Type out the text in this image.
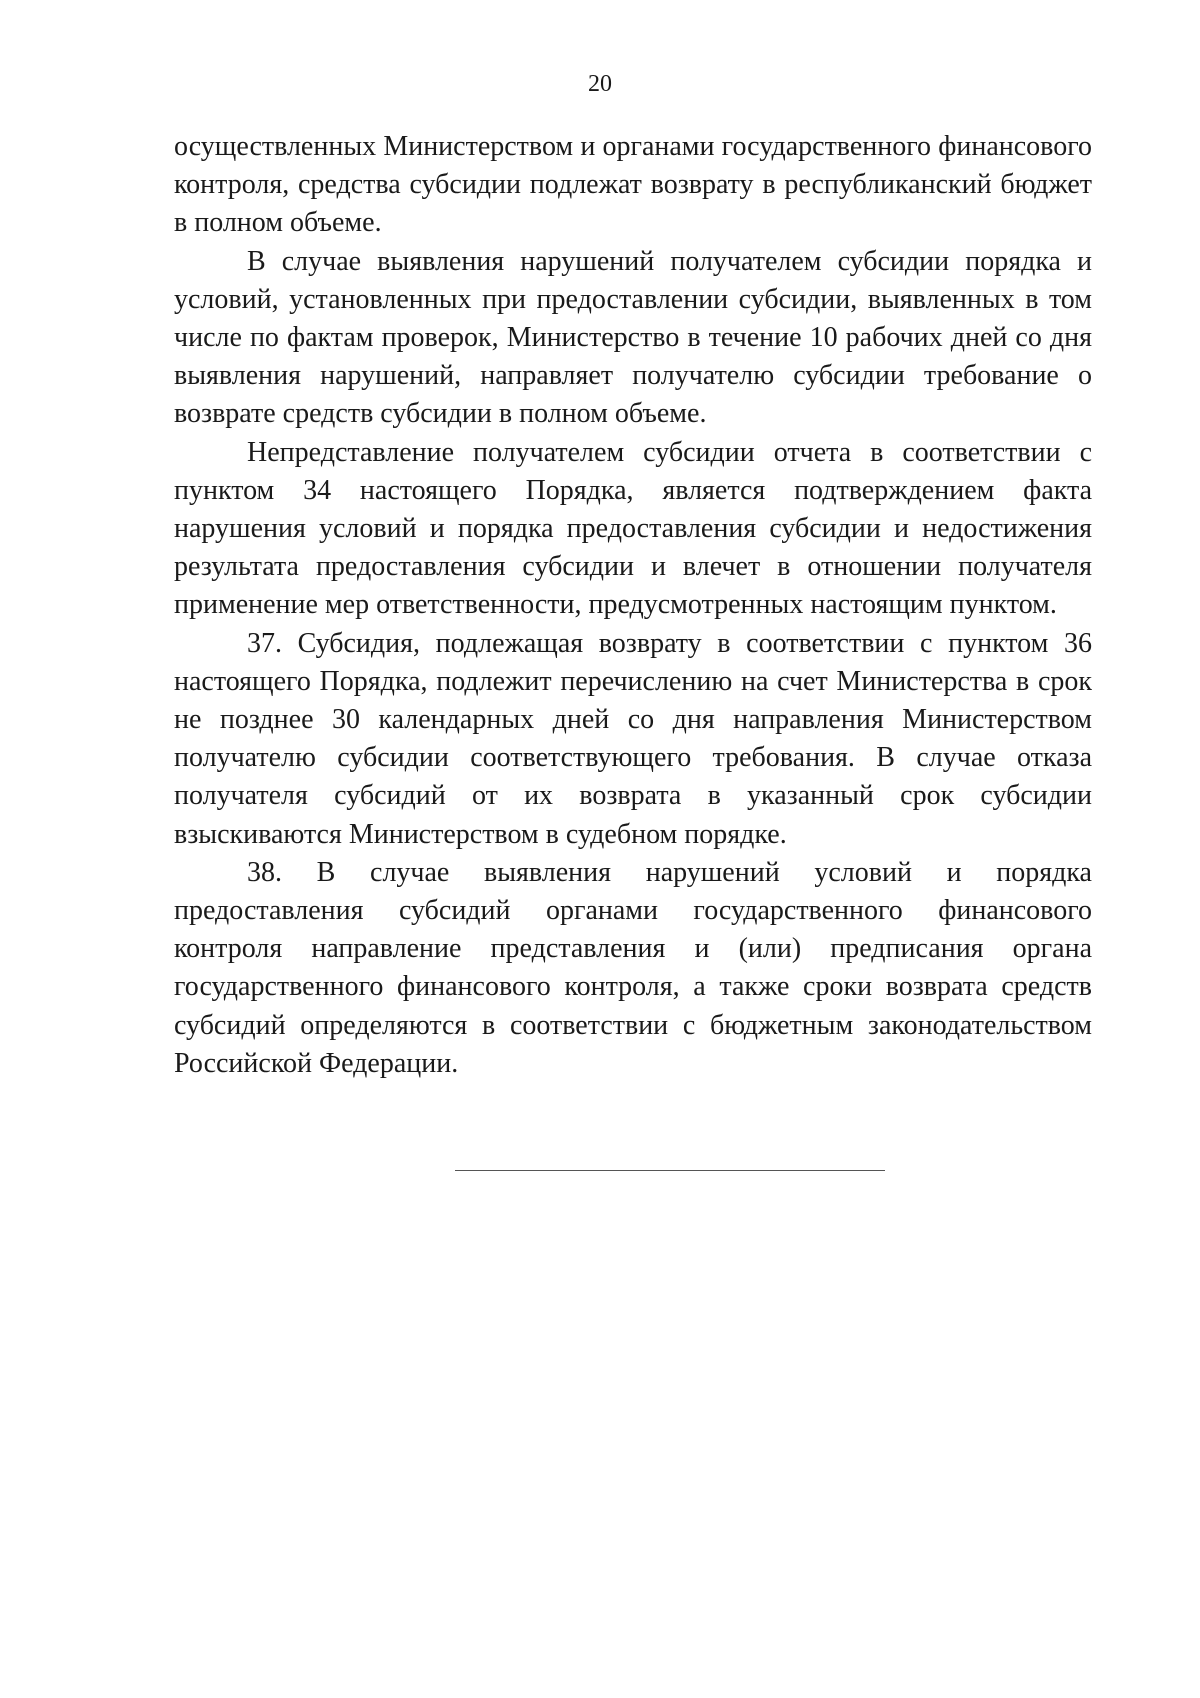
20

осуществленных Министерством и органами государственного финансового контроля, средства субсидии подлежат возврату в республиканский бюджет в полном объеме.

В случае выявления нарушений получателем субсидии порядка и условий, установленных при предоставлении субсидии, выявленных в том числе по фактам проверок, Министерство в течение 10 рабочих дней со дня выявления нарушений, направляет получателю субсидии требование о возврате средств субсидии в полном объеме.

Непредставление получателем субсидии отчета в соответствии с пунктом 34 настоящего Порядка, является подтверждением факта нарушения условий и порядка предоставления субсидии и недостижения результата предоставления субсидии и влечет в отношении получателя применение мер ответственности, предусмотренных настоящим пунктом.

37. Субсидия, подлежащая возврату в соответствии с пунктом 36 настоящего Порядка, подлежит перечислению на счет Министерства в срок не позднее 30 календарных дней со дня направления Министерством получателю субсидии соответствующего требования. В случае отказа получателя субсидий от их возврата в указанный срок субсидии взыскиваются Министерством в судебном порядке.

38. В случае выявления нарушений условий и порядка предоставления субсидий органами государственного финансового контроля направление представления и (или) предписания органа государственного финансового контроля, а также сроки возврата средств субсидий определяются в соответствии с бюджетным законодательством Российской Федерации.
